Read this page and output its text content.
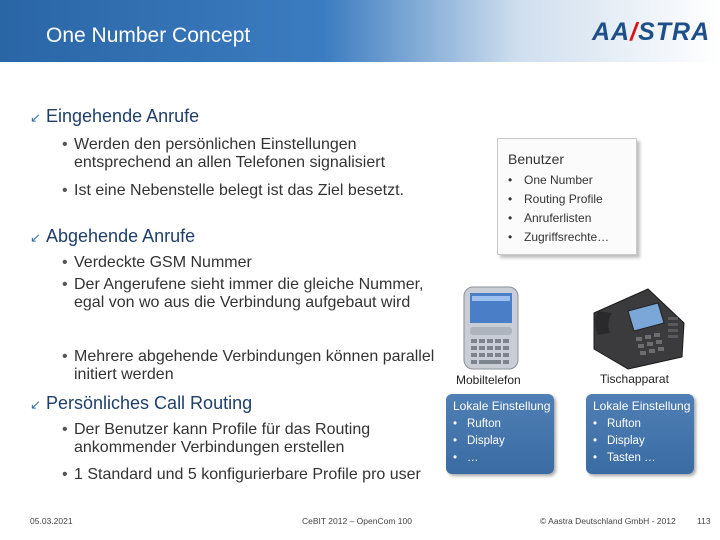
One Number Concept	AA/STRA
↙ Eingehende Anrufe
• Werden den persönlichen Einstellungen entsprechend an allen Telefonen signalisiert
• Ist eine Nebenstelle belegt ist das Ziel besetzt.
↙ Abgehende Anrufe
• Verdeckte GSM Nummer
• Der Angerufene sieht immer die gleiche Nummer, egal von wo aus die Verbindung aufgebaut wird
• Mehrere abgehende Verbindungen können parallel initiert werden
↙ Persönliches Call Routing
• Der Benutzer kann Profile für das Routing ankommender Verbindungen erstellen
• 1 Standard und 5 konfigurierbare Profile pro user
Benutzer
• One Number
• Routing Profile
• Anruferlisten
• Zugriffsrechte…
Mobiltelefon	Tischapparat
Lokale Einstellung
• Rufton
• Display
• …
Lokale Einstellung
• Rufton
• Display
• Tasten …
05.03.2021	CeBIT 2012 – OpenCom 100	© Aastra Deutschland GmbH - 2012	113
